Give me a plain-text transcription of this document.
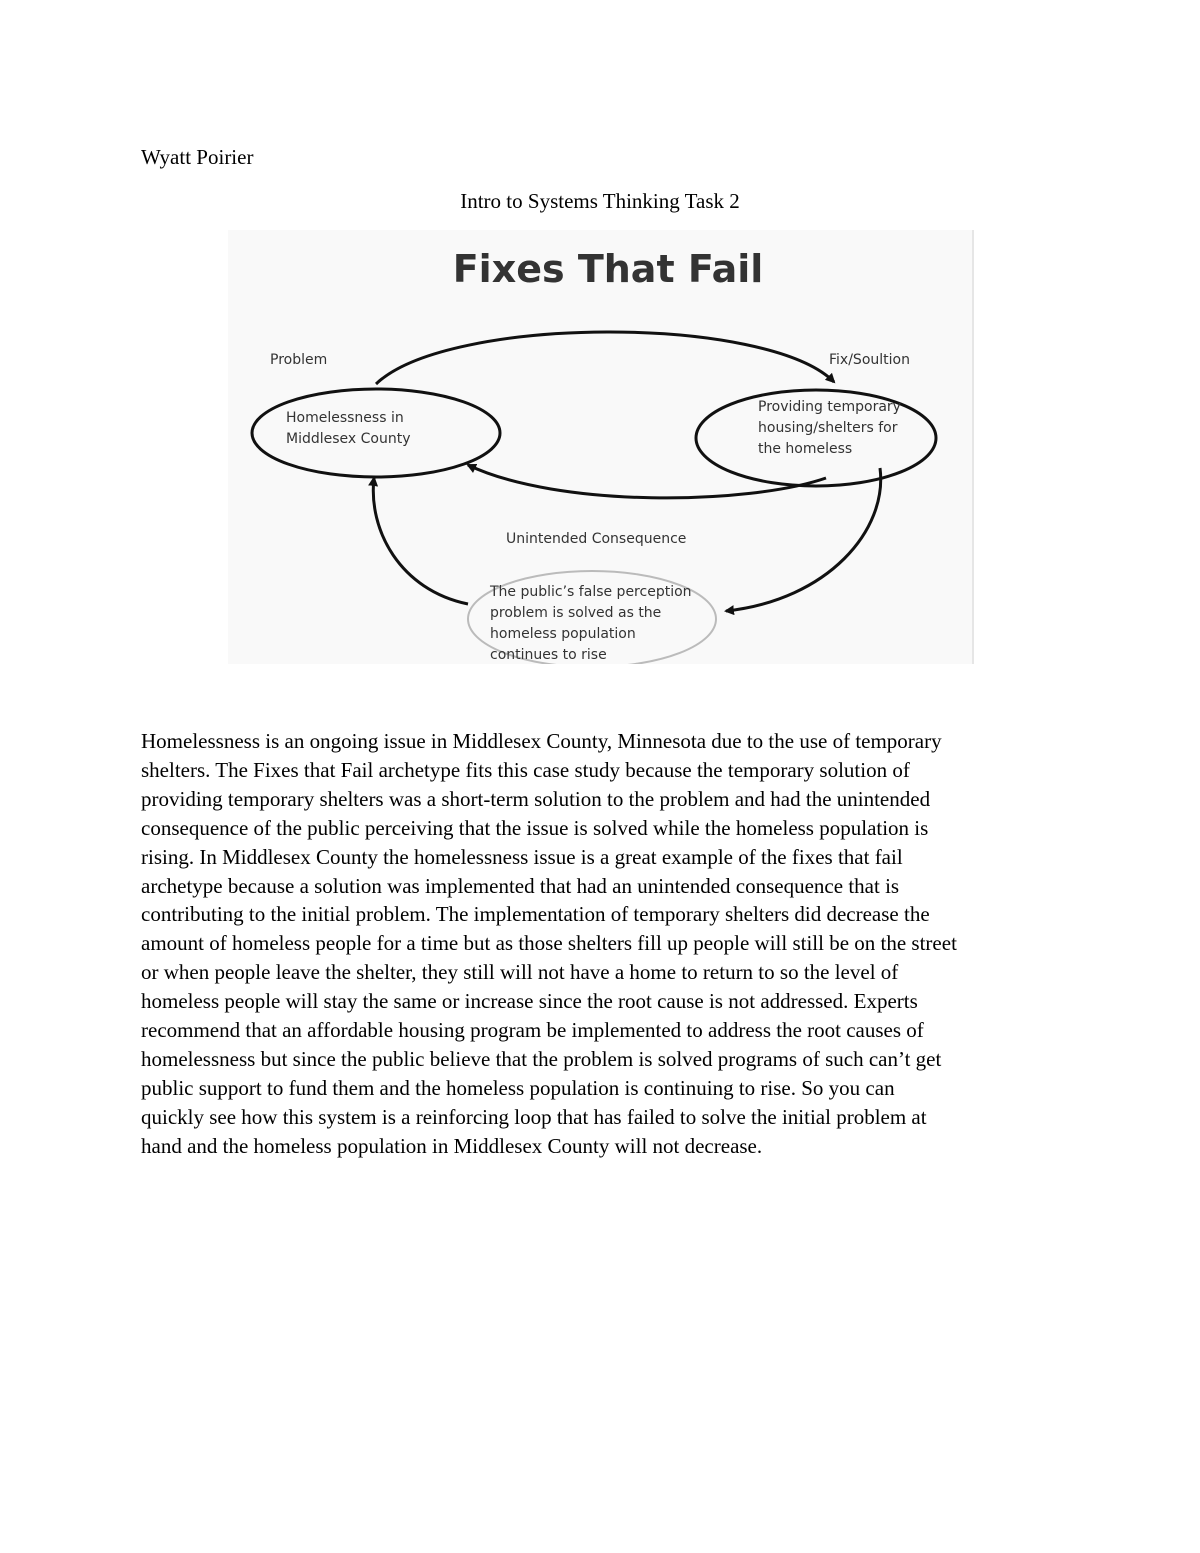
Wyatt Poirier
Intro to Systems Thinking Task 2
Fixes That Fail
Problem	Fix/Soultion
Unintended Consequence
Homelessness in
Middlesex County
Providing temporary
housing/shelters for
the homeless
The public’s false perception
problem is solved as the
homeless population
continues to rise
Homelessness is an ongoing issue in Middlesex County, Minnesota due to the use of temporary
shelters. The Fixes that Fail archetype fits this case study because the temporary solution of
providing temporary shelters was a short-term solution to the problem and had the unintended
consequence of the public perceiving that the issue is solved while the homeless population is
rising. In Middlesex County the homelessness issue is a great example of the fixes that fail
archetype because a solution was implemented that had an unintended consequence that is
contributing to the initial problem. The implementation of temporary shelters did decrease the
amount of homeless people for a time but as those shelters fill up people will still be on the street
or when people leave the shelter, they still will not have a home to return to so the level of
homeless people will stay the same or increase since the root cause is not addressed. Experts
recommend that an affordable housing program be implemented to address the root causes of
homelessness but since the public believe that the problem is solved programs of such can’t get
public support to fund them and the homeless population is continuing to rise. So you can
quickly see how this system is a reinforcing loop that has failed to solve the initial problem at
hand and the homeless population in Middlesex County will not decrease.
